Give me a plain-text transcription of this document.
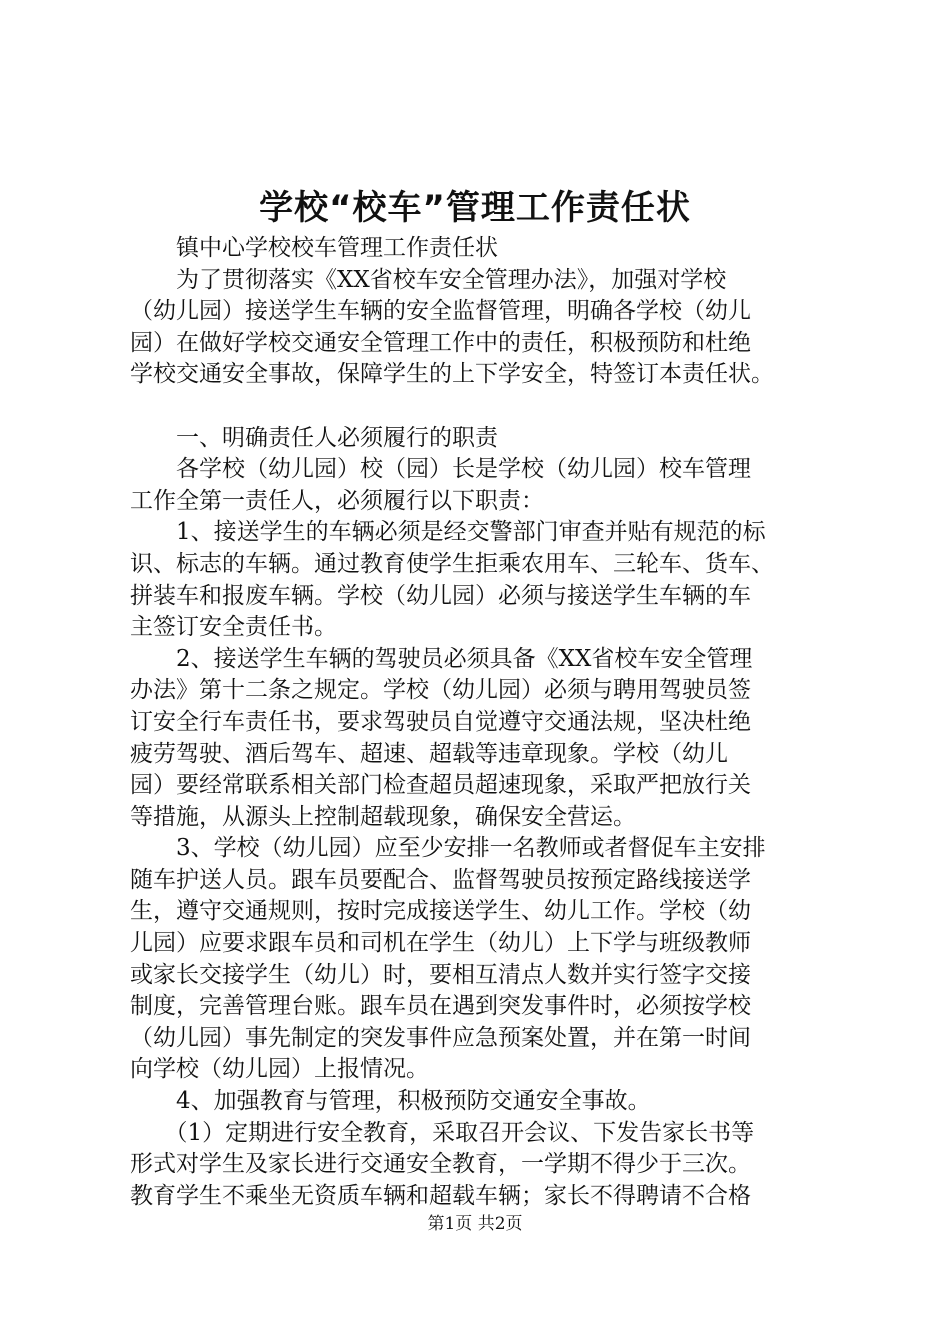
学校“校车”管理工作责任状
　　镇中心学校校车管理工作责任状
　　为了贯彻落实《XX省校车安全管理办法》，加强对学校
（幼儿园）接送学生车辆的安全监督管理，明确各学校（幼儿
园）在做好学校交通安全管理工作中的责任，积极预防和杜绝
学校交通安全事故，保障学生的上下学安全，特签订本责任状。
　　一、明确责任人必须履行的职责
　　各学校（幼儿园）校（园）长是学校（幼儿园）校车管理
工作全第一责任人，必须履行以下职责：
　　1、接送学生的车辆必须是经交警部门审查并贴有规范的标
识、标志的车辆。通过教育使学生拒乘农用车、三轮车、货车、
拼装车和报废车辆。学校（幼儿园）必须与接送学生车辆的车
主签订安全责任书。
　　2、接送学生车辆的驾驶员必须具备《XX省校车安全管理
办法》第十二条之规定。学校（幼儿园）必须与聘用驾驶员签
订安全行车责任书，要求驾驶员自觉遵守交通法规，坚决杜绝
疲劳驾驶、酒后驾车、超速、超载等违章现象。学校（幼儿
园）要经常联系相关部门检查超员超速现象，采取严把放行关
等措施，从源头上控制超载现象，确保安全营运。
　　3、学校（幼儿园）应至少安排一名教师或者督促车主安排
随车护送人员。跟车员要配合、监督驾驶员按预定路线接送学
生，遵守交通规则，按时完成接送学生、幼儿工作。学校（幼
儿园）应要求跟车员和司机在学生（幼儿）上下学与班级教师
或家长交接学生（幼儿）时，要相互清点人数并实行签字交接
制度，完善管理台账。跟车员在遇到突发事件时，必须按学校
（幼儿园）事先制定的突发事件应急预案处置，并在第一时间
向学校（幼儿园）上报情况。
　　4、加强教育与管理，积极预防交通安全事故。
　　（1）定期进行安全教育，采取召开会议、下发告家长书等
形式对学生及家长进行交通安全教育，一学期不得少于三次。
教育学生不乘坐无资质车辆和超载车辆；家长不得聘请不合格
第1页 共2页
